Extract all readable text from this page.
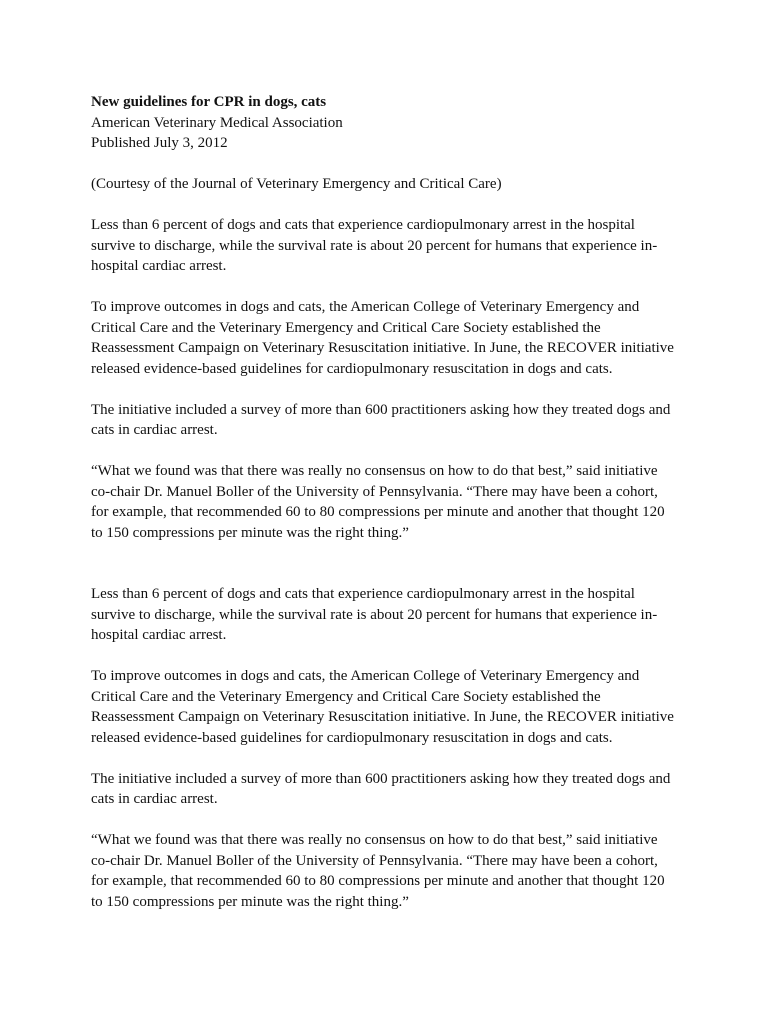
New guidelines for CPR in dogs, cats

American Veterinary Medical Association

Published July 3, 2012

(Courtesy of the Journal of Veterinary Emergency and Critical Care)

Less than 6 percent of dogs and cats that experience cardiopulmonary arrest in the hospital

survive to discharge, while the survival rate is about 20 percent for humans that experience in-

hospital cardiac arrest.

To improve outcomes in dogs and cats, the American College of Veterinary Emergency and

Critical Care and the Veterinary Emergency and Critical Care Society established the

Reassessment Campaign on Veterinary Resuscitation initiative. In June, the RECOVER initiative

released evidence-based guidelines for cardiopulmonary resuscitation in dogs and cats.

The initiative included a survey of more than 600 practitioners asking how they treated dogs and

cats in cardiac arrest.

“What we found was that there was really no consensus on how to do that best,” said initiative

co-chair Dr. Manuel Boller of the University of Pennsylvania. “There may have been a cohort,

for example, that recommended 60 to 80 compressions per minute and another that thought 120

to 150 compressions per minute was the right thing.”

Less than 6 percent of dogs and cats that experience cardiopulmonary arrest in the hospital

survive to discharge, while the survival rate is about 20 percent for humans that experience in-

hospital cardiac arrest.

To improve outcomes in dogs and cats, the American College of Veterinary Emergency and

Critical Care and the Veterinary Emergency and Critical Care Society established the

Reassessment Campaign on Veterinary Resuscitation initiative. In June, the RECOVER initiative

released evidence-based guidelines for cardiopulmonary resuscitation in dogs and cats.

The initiative included a survey of more than 600 practitioners asking how they treated dogs and

cats in cardiac arrest.

“What we found was that there was really no consensus on how to do that best,” said initiative

co-chair Dr. Manuel Boller of the University of Pennsylvania. “There may have been a cohort,

for example, that recommended 60 to 80 compressions per minute and another that thought 120

to 150 compressions per minute was the right thing.”
